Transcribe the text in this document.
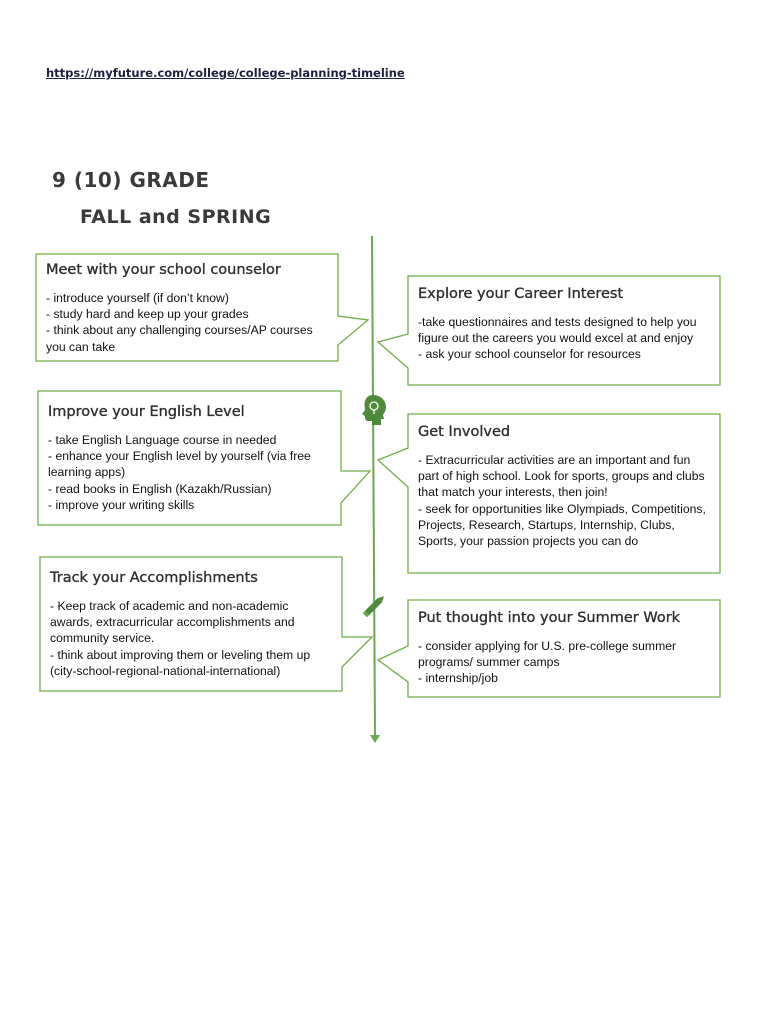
https://myfuture.com/college/college-planning-timeline
9 (10) GRADE
FALL and SPRING
Meet with your school counselor

- introduce yourself (if don’t know)

- study hard and keep up your grades

- think about any challenging courses/AP courses you can take

Explore your Career Interest

-take questionnaires and tests designed to help you figure out the careers you would excel at and enjoy

- ask your school counselor for resources

Improve your English Level

- take English Language course in needed

- enhance your English level by yourself (via free learning apps)

- read books in English (Kazakh/Russian)

- improve your writing skills

Get Involved

- Extracurricular activities are an important and fun part of high school. Look for sports, groups and clubs that match your interests, then join!

- seek for opportunities like Olympiads, Competitions, Projects, Research, Startups, Internship, Clubs, Sports, your passion projects you can do

Track your Accomplishments

- Keep track of academic and non-academic awards, extracurricular accomplishments and community service.

- think about improving them or leveling them up (city-school-regional-national-international)

Put thought into your Summer Work

- consider applying for U.S. pre-college summer programs/ summer camps

- internship/job
